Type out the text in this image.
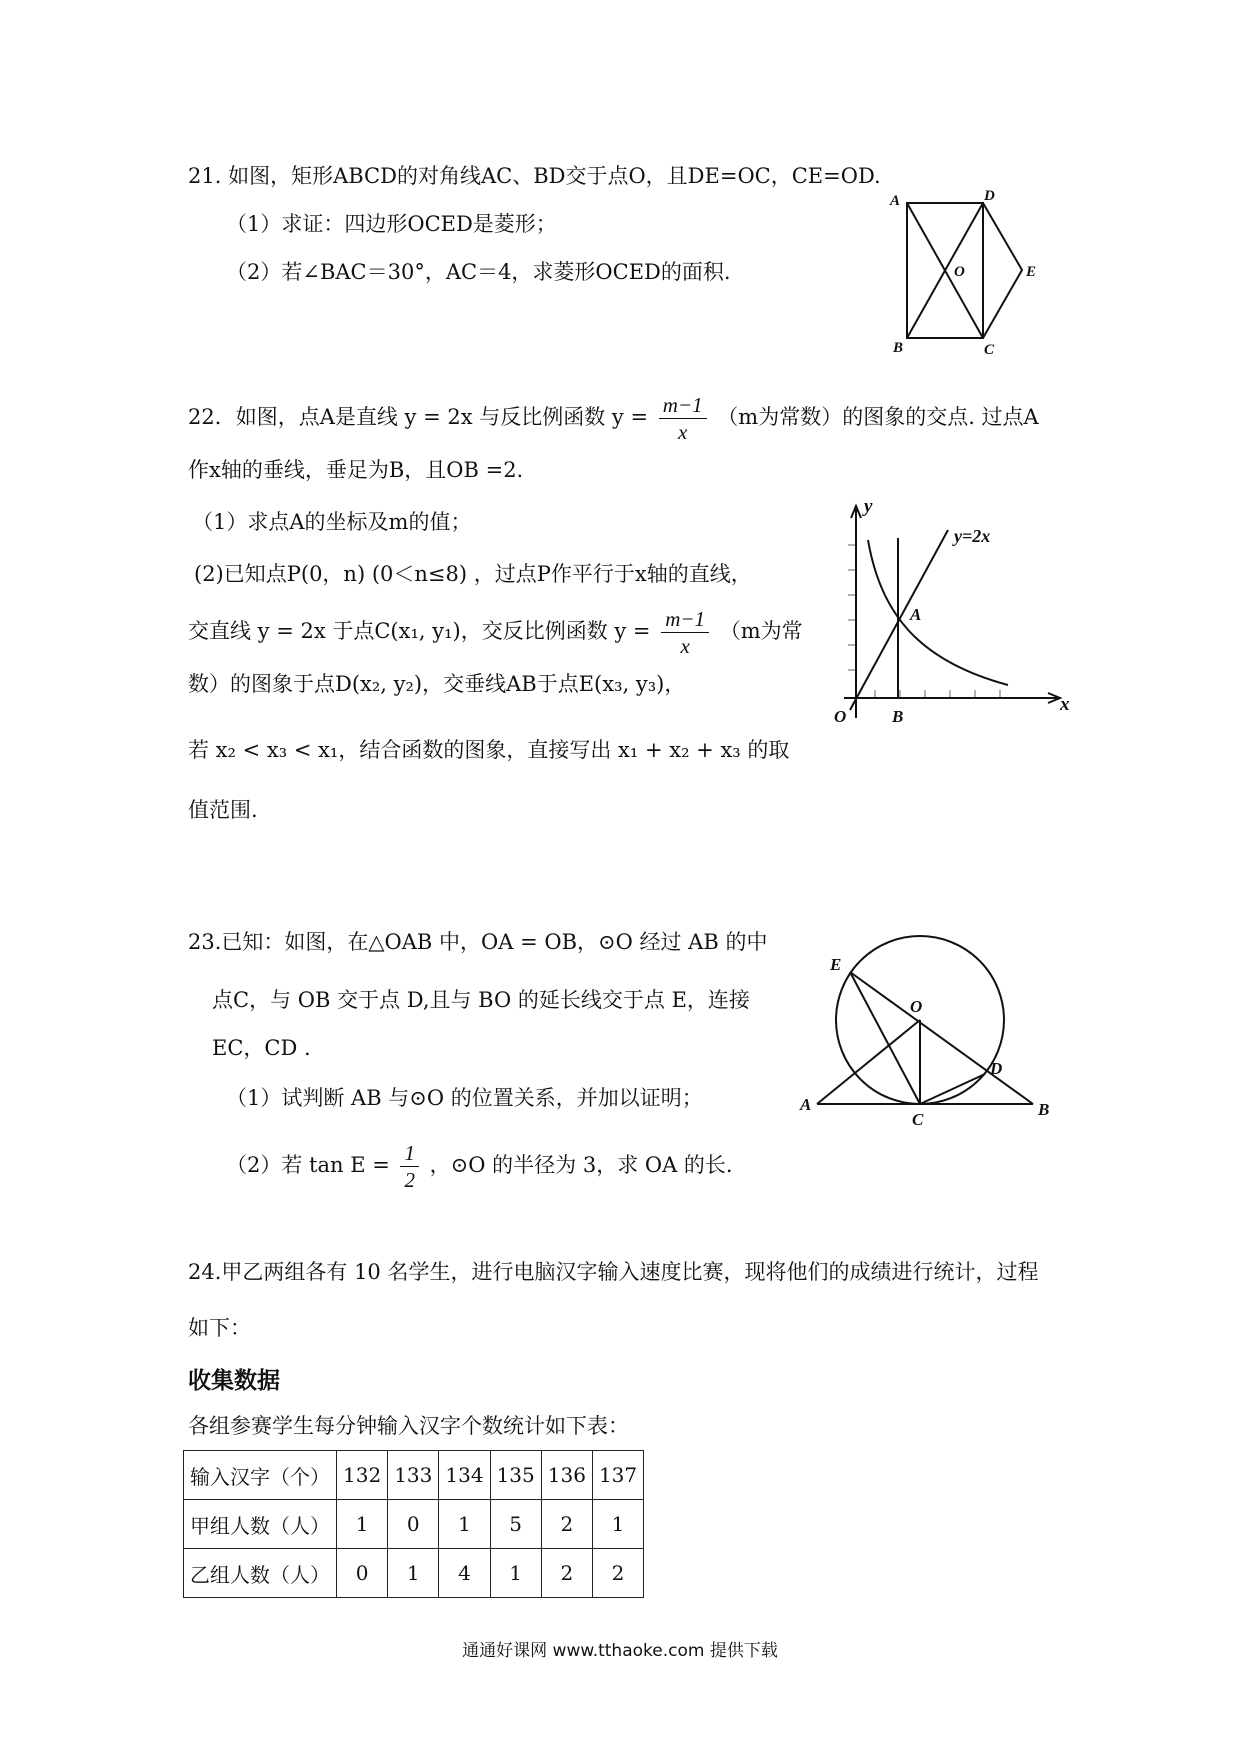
21. 如图，矩形ABCD的对角线AC、BD交于点O，且DE=OC，CE=OD.
（1）求证：四边形OCED是菱形；
（2）若∠BAC＝30°，AC＝4，求菱形OCED的面积.
A	D
E
O
B	C
22．如图，点A是直线 y = 2x 与反比例函数 $y = \frac{m-1}{x} (m$为常数）的图象的交点. 过点A
作x轴的垂线，垂足为B，且OB =2.
（1）求点A的坐标及m的值；
(2)已知点P(0，n) (0＜n≤8) ，过点P作平行于x轴的直线，
交直线 y = 2x 于点C(x₁, y₁)，交反比例函数 $y = \frac{m-1}{x} (m$为常
数）的图象于点D(x₂, y₂)，交垂线AB于点E(x₃, y₃)，
若 x₂ < x₃ < x₁，结合函数的图象，直接写出 x₁ + x₂ + x₃ 的取
值范围.
y
x
y=2x
A
B
O
23.已知：如图，在△OAB 中，OA = OB，⊙O 经过 AB 的中
点C，与 OB 交于点 D,且与 BO 的延长线交于点 E，连接
EC，CD .
（1）试判断 AB 与⊙O 的位置关系，并加以证明；
（2）若 $\tan E = \frac{1}{2}$ ，⊙O 的半径为 3，求 OA 的长.
E
O
D
A
C
B
24.甲乙两组各有 10 名学生，进行电脑汉字输入速度比赛，现将他们的成绩进行统计，过程
如下：
收集数据
各组参赛学生每分钟输入汉字个数统计如下表：
输入汉字（个）	132	133	134	135	136	137
甲组人数（人）	1	0	1	5	2	1
乙组人数（人）	0	1	4	1	2	2
通通好课网 www.tthaoke.com 提供下载
